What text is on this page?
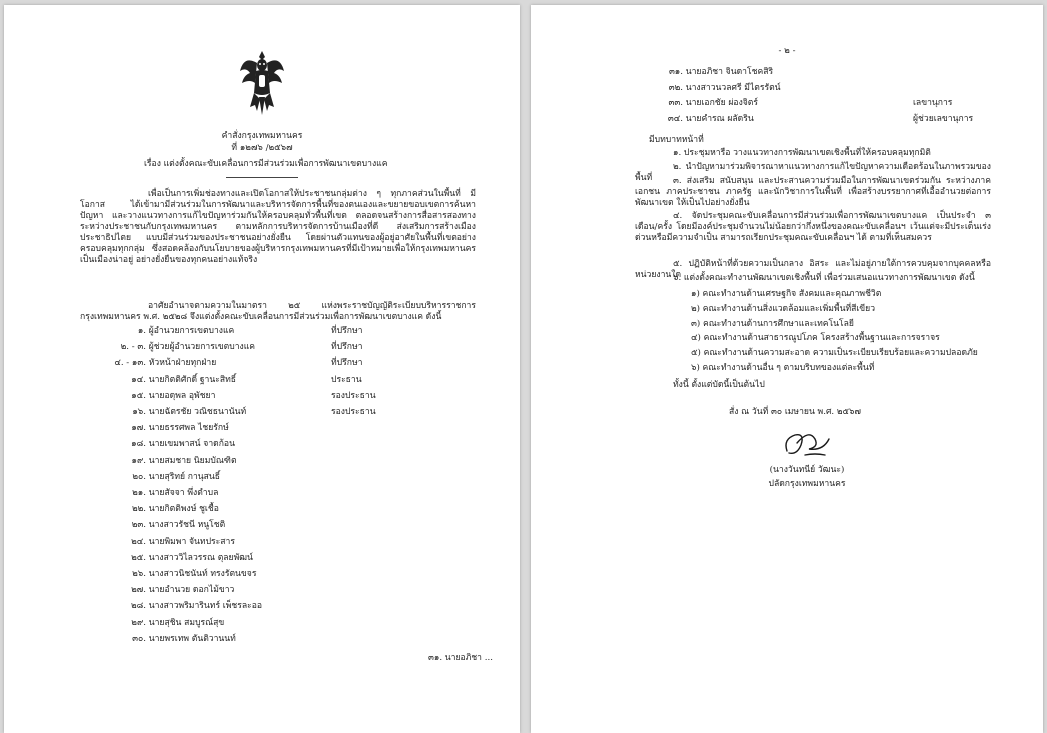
คำสั่งกรุงเทพมหานคร
ที่ ๑๒๗๖ /๒๕๖๗
เรื่อง แต่งตั้งคณะขับเคลื่อนการมีส่วนร่วมเพื่อการพัฒนาเขตบางแค
เพื่อเป็นการเพิ่มช่องทางและเปิดโอกาสให้ประชาชนกลุ่มต่าง ๆ ทุกภาคส่วนในพื้นที่ มีโอกาส ได้เข้ามามีส่วนร่วมในการพัฒนาและบริหารจัดการพื้นที่ของตนเองและขยายขอบเขตการค้นหาปัญหา และวางแนวทางการแก้ไขปัญหาร่วมกันให้ครอบคลุมทั่วพื้นที่เขต ตลอดจนสร้างการสื่อสารสองทาง ระหว่างประชาชนกับกรุงเทพมหานคร ตามหลักการบริหารจัดการบ้านเมืองที่ดี ส่งเสริมการสร้างเมืองประชาธิปไตย แบบมีส่วนร่วมของประชาชนอย่างยั่งยืน โดยผ่านตัวแทนของผู้อยู่อาศัยในพื้นที่เขตอย่างครอบคลุมทุกกลุ่ม ซึ่งสอดคล้องกับนโยบายของผู้บริหารกรุงเทพมหานครที่มีเป้าหมายเพื่อให้กรุงเทพมหานครเป็นเมืองน่าอยู่ อย่างยั่งยืนของทุกคนอย่างแท้จริง
อาศัยอำนาจตามความในมาตรา ๒๕ แห่งพระราชบัญญัติระเบียบบริหารราชการกรุงเทพมหานคร พ.ศ. ๒๕๒๘ จึงแต่งตั้งคณะขับเคลื่อนการมีส่วนร่วมเพื่อการพัฒนาเขตบางแค ดังนี้
๑. ผู้อำนวยการเขตบางแค	ที่ปรึกษา
๒. - ๓. ผู้ช่วยผู้อำนวยการเขตบางแค	ที่ปรึกษา
๔. - ๑๓. หัวหน้าฝ่ายทุกฝ่าย	ที่ปรึกษา
๑๔. นายกิตติศักดิ์ ฐานะสิทธิ์	ประธาน
๑๕. นายอดุพล อุพัชยา	รองประธาน
๑๖. นายฉัตรชัย วณิชธนานันท์	รองประธาน
๑๗. นายธรรศพล ไชยรักษ์
๑๘. นายเขมพาสน์ จาดก้อน
๑๙. นายสมชาย นิยมบัณฑิต
๒๐. นายสุริทย์ กานุสนธิ์
๒๑. นายสัจจา พึ่งตำบล
๒๒. นายกิตติพงษ์ ชูเชื้อ
๒๓. นางสาวรัชนี หนูโชติ
๒๔. นายพิมพา จันทประสาร
๒๕. นางสาววิไลวรรณ ตุลยพัฒน์
๒๖. นางสาวนิชนันท์ ทรงรัตนขจร
๒๗. นายอำนวย ดอกไม้ขาว
๒๘. นางสาวพริมารินทร์ เพ็ชรละออ
๒๙. นายสุชิน สมบูรณ์สุข
๓๐. นายพรเทพ ตันติวานนท์
๓๑. นายอภิชา ...
- ๒ -
๓๑. นายอภิชา จินดาโชคสิริ
๓๒. นางสาวนวลศรี มีไตรรัตน์
๓๓. นายเอกชัย ผ่องจิตร์	เลขานุการ
๓๔. นายคำรณ ผลัดริน	ผู้ช่วยเลขานุการ
มีบทบาทหน้าที่
๑. ประชุมหารือ วางแนวทางการพัฒนาเขตเชิงพื้นที่ให้ครอบคลุมทุกมิติ
๒. นำปัญหามาร่วมพิจารณาหาแนวทางการแก้ไขปัญหาความเดือดร้อนในภาพรวมของพื้นที่	๓. ส่งเสริม สนับสนุน และประสานความร่วมมือในการพัฒนาเขตร่วมกัน ระหว่างภาคเอกชน ภาคประชาชน ภาครัฐ และนักวิชาการในพื้นที่ เพื่อสร้างบรรยากาศที่เอื้ออำนวยต่อการพัฒนาเขต ให้เป็นไปอย่างยั่งยืน
๔. จัดประชุมคณะขับเคลื่อนการมีส่วนร่วมเพื่อการพัฒนาเขตบางแค เป็นประจำ ๓ เดือน/ครั้ง โดยมีองค์ประชุมจำนวนไม่น้อยกว่ากึ่งหนึ่งของคณะขับเคลื่อนฯ เว้นแต่จะมีประเด็นเร่งด่วนหรือมีความจำเป็น สามารถเรียกประชุมคณะขับเคลื่อนฯ ได้ ตามที่เห็นสมควร
๕. ปฏิบัติหน้าที่ด้วยความเป็นกลาง อิสระ และไม่อยู่ภายใต้การควบคุมจากบุคคลหรือหน่วยงานใด
๖. แต่งตั้งคณะทำงานพัฒนาเขตเชิงพื้นที่ เพื่อร่วมเสนอแนวทางการพัฒนาเขต ดังนี้
๑) คณะทำงานด้านเศรษฐกิจ สังคมและคุณภาพชีวิต
๒) คณะทำงานด้านสิ่งแวดล้อมและเพิ่มพื้นที่สีเขียว
๓) คณะทำงานด้านการศึกษาและเทคโนโลยี
๔) คณะทำงานด้านสาธารณูปโภค โครงสร้างพื้นฐานและการจราจร
๕) คณะทำงานด้านความสะอาด ความเป็นระเบียบเรียบร้อยและความปลอดภัย
๖) คณะทำงานด้านอื่น ๆ ตามบริบทของแต่ละพื้นที่
ทั้งนี้ ตั้งแต่บัดนี้เป็นต้นไป
สั่ง ณ วันที่ ๓๐ เมษายน พ.ศ. ๒๕๖๗
(นางวันทนีย์ วัฒนะ)
ปลัดกรุงเทพมหานคร
